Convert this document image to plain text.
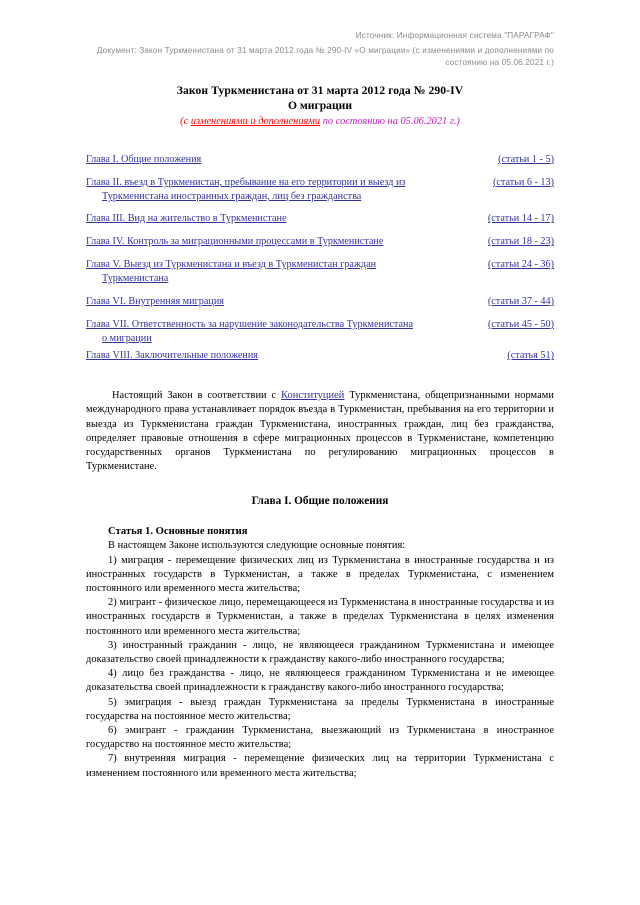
Источник: Информационная система "ПАРАГРАФ"
Документ: Закон Туркменистана от 31 марта 2012 года № 290-IV «О миграции» (с изменениями и дополнениями по состоянию на 05.06.2021 г.)
Закон Туркменистана от 31 марта 2012 года № 290-IV
О миграции
(с изменениями и дополнениями по состоянию на 05.06.2021 г.)
Глава I. Общие положения	(статьи 1 - 5)

Глава II. въезд в Туркменистан, пребывание на его территории и выезд из
Туркменистана иностранных граждан, лиц без гражданства	(статьи 6 - 13)

Глава III. Вид на жительство в Туркменистане	(статьи 14 - 17)

Глава IV. Контроль за миграционными процессами в Туркменистане	(статьи 18 - 23)

Глава V. Выезд из Туркменистана и въезд в Туркменистан граждан
Туркменистана	(статьи 24 - 36)

Глава VI. Внутренняя миграция	(статьи 37 - 44)

Глава VII. Ответственность за нарушение законодательства Туркменистана
о миграции	(статьи 45 - 50)
Глава VIII. Заключительные положения	(статья 51)
Настоящий Закон в соответствии с Конституцией Туркменистана, общепризнанными нормами международного права устанавливает порядок въезда в Туркменистан, пребывания на его территории и выезда из Туркменистана граждан Туркменистана, иностранных граждан, лиц без гражданства, определяет правовые отношения в сфере миграционных процессов в Туркменистане, компетенцию государственных органов Туркменистана по регулированию миграционных процессов в Туркменистане.
Глава I. Общие положения
Статья 1. Основные понятия

В настоящем Законе используются следующие основные понятия:

1) миграция - перемещение физических лиц из Туркменистана в иностранные государства и из иностранных государств в Туркменистан, а также в пределах Туркменистана, с изменением постоянного или временного места жительства;

2) мигрант - физическое лицо, перемещающееся из Туркменистана в иностранные государства и из иностранных государств в Туркменистан, а также в пределах Туркменистана в целях изменения постоянного или временного места жительства;

3) иностранный гражданин - лицо, не являющееся гражданином Туркменистана и имеющее доказательство своей принадлежности к гражданству какого-либо иностранного государства;

4) лицо без гражданства - лицо, не являющееся гражданином Туркменистана и не имеющее доказательства своей принадлежности к гражданству какого-либо иностранного государства;

5) эмиграция - выезд граждан Туркменистана за пределы Туркменистана в иностранные государства на постоянное место жительства;

6) эмигрант - гражданин Туркменистана, выезжающий из Туркменистана в иностранное государство на постоянное место жительства;

7) внутренняя миграция - перемещение физических лиц на территории Туркменистана с изменением постоянного или временного места жительства;
